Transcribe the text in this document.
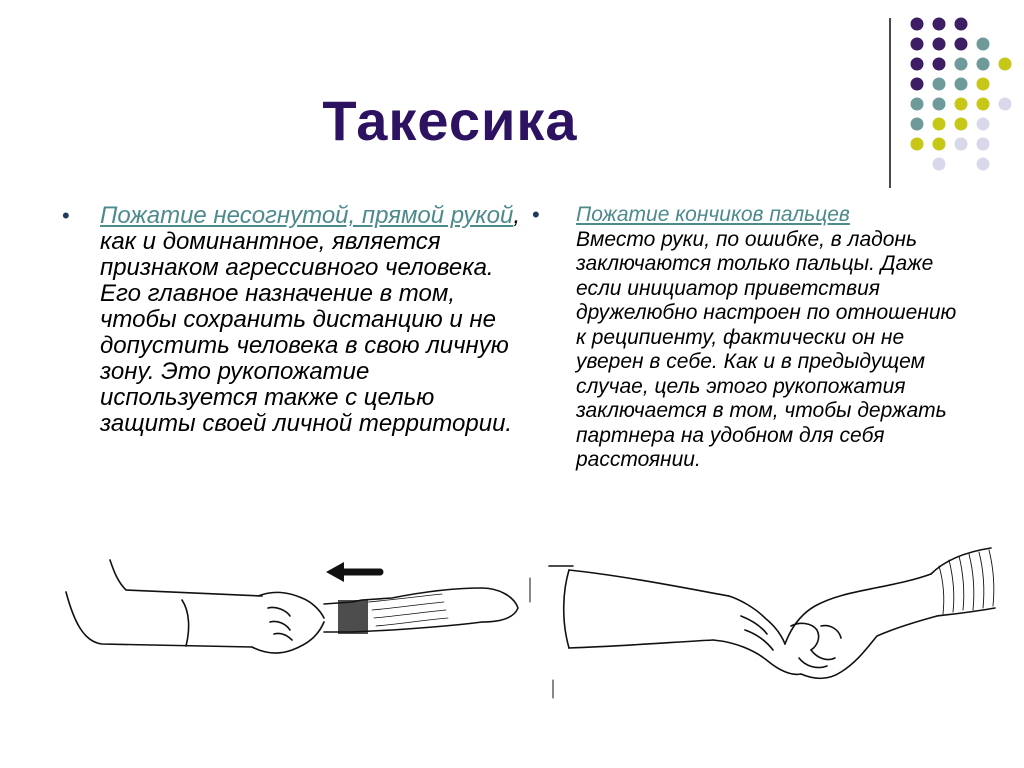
Такесика
• Пожатие несогнутой, прямой рукой, как и доминантное, является признаком агрессивного человека. Его главное назначение в том, чтобы сохранить дистанцию и не допустить человека в свою личную зону. Это рукопожатие используется также с целью защиты своей личной территории.
• Пожатие кончиков пальцев
Вместо руки, по ошибке, в ладонь заключаются только пальцы. Даже если инициатор приветствия дружелюбно настроен по отношению к реципиенту, фактически он не уверен в себе. Как и в предыдущем случае, цель этого рукопожатия заключается в том, чтобы держать партнера на удобном для себя расстоянии.
